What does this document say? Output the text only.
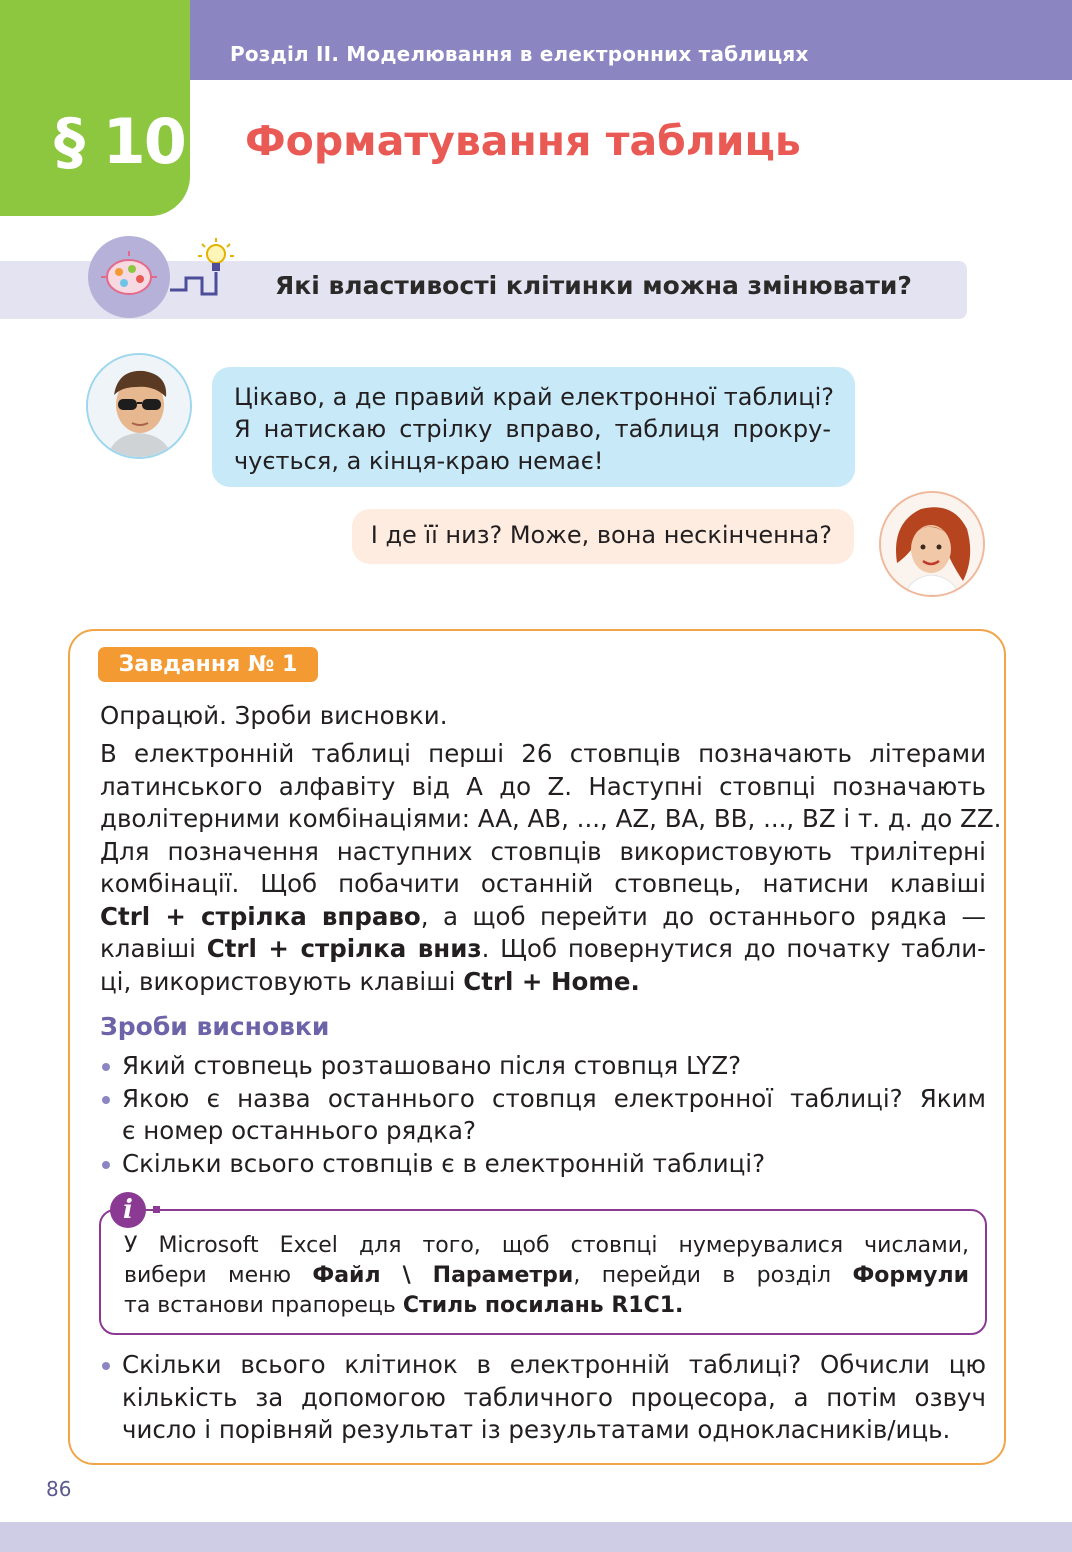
Розділ ІІ. Моделювання в електронних таблицях
§ 10 Форматування таблиць
Які властивості клітинки можна змінювати?
Цікаво, а де правий край електронної таблиці?
Я натискаю стрілку вправо, таблиця прокру-
чується, а кінця-краю немає!
І де її низ? Може, вона нескінченна?
Завдання № 1
Опрацюй. Зроби висновки.
В електронній таблиці перші 26 стовпців позначають літерами
латинського алфавіту від A до Z. Наступні стовпці позначають
дволітерними комбінаціями: AA, AB, ..., AZ, BA, BB, ..., BZ і т. д. до ZZ.
Для позначення наступних стовпців використовують трилітерні
комбінації. Щоб побачити останній стовпець, натисни клавіші
Ctrl + стрілка вправо, а щоб перейти до останнього рядка —
клавіші Ctrl + стрілка вниз. Щоб повернутися до початку табли-
ці, використовують клавіші Ctrl + Home.
Зроби висновки
Який стовпець розташовано після стовпця LYZ?
Якою є назва останнього стовпця електронної таблиці? Яким
є номер останнього рядка?
Скільки всього стовпців є в електронній таблиці?
i
У Microsoft Excel для того, щоб стовпці нумерувалися числами,
вибери меню Файл \ Параметри, перейди в розділ Формули
та встанови прапорець Стиль посилань R1C1.
Скільки всього клітинок в електронній таблиці? Обчисли цю
кількість за допомогою табличного процесора, а потім озвуч
число і порівняй результат із результатами однокласників/иць.
86
